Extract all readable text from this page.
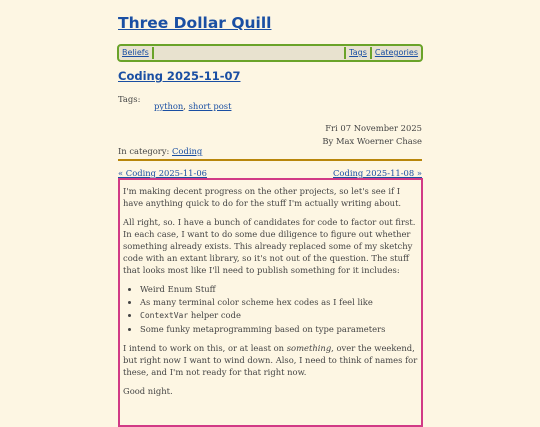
Three Dollar Quill
Beliefs	Tags	Categories
Coding 2025-11-07
Tags:
python, short post
Fri 07 November 2025
By Max Woerner Chase
In category: Coding
« Coding 2025-11-06	Coding 2025-11-08 »

I'm making decent progress on the other projects, so let's see if I have anything quick to do for the stuff I'm actually writing about.

All right, so. I have a bunch of candidates for code to factor out first. In each case, I want to do some due diligence to figure out whether something already exists. This already replaced some of my sketchy code with an extant library, so it's not out of the question. The stuff that looks most like I'll need to publish something for it includes:

• Weird Enum Stuff
• As many terminal color scheme hex codes as I feel like
• ContextVar helper code
• Some funky metaprogramming based on type parameters

I intend to work on this, or at least on something, over the weekend, but right now I want to wind down. Also, I need to think of names for these, and I'm not ready for that right now.

Good night.
